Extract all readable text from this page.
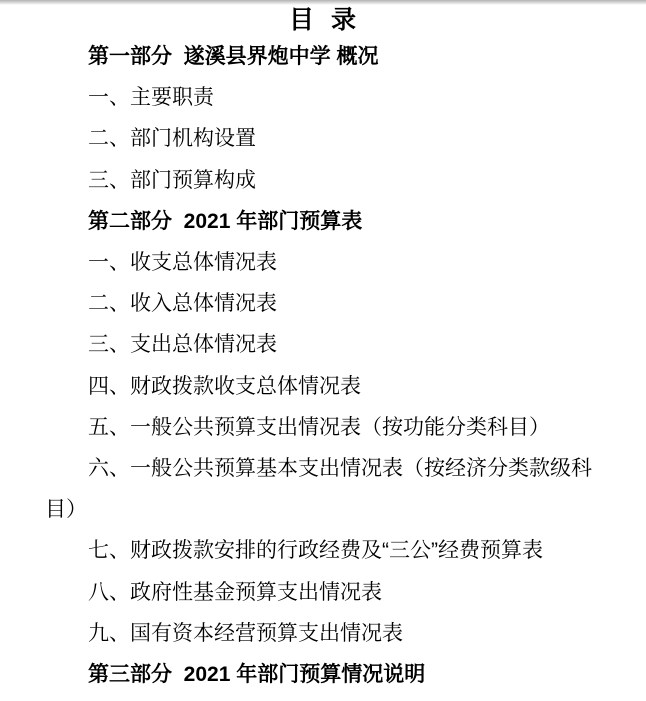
目 录
第一部分  遂溪县界炮中学 概况
一、主要职责
二、部门机构设置
三、部门预算构成
第二部分  2021 年部门预算表
一、收支总体情况表
二、收入总体情况表
三、支出总体情况表
四、财政拨款收支总体情况表
五、一般公共预算支出情况表（按功能分类科目）
六、一般公共预算基本支出情况表（按经济分类款级科
目）
七、财政拨款安排的行政经费及“三公”经费预算表
八、政府性基金预算支出情况表
九、国有资本经营预算支出情况表
第三部分  2021 年部门预算情况说明
